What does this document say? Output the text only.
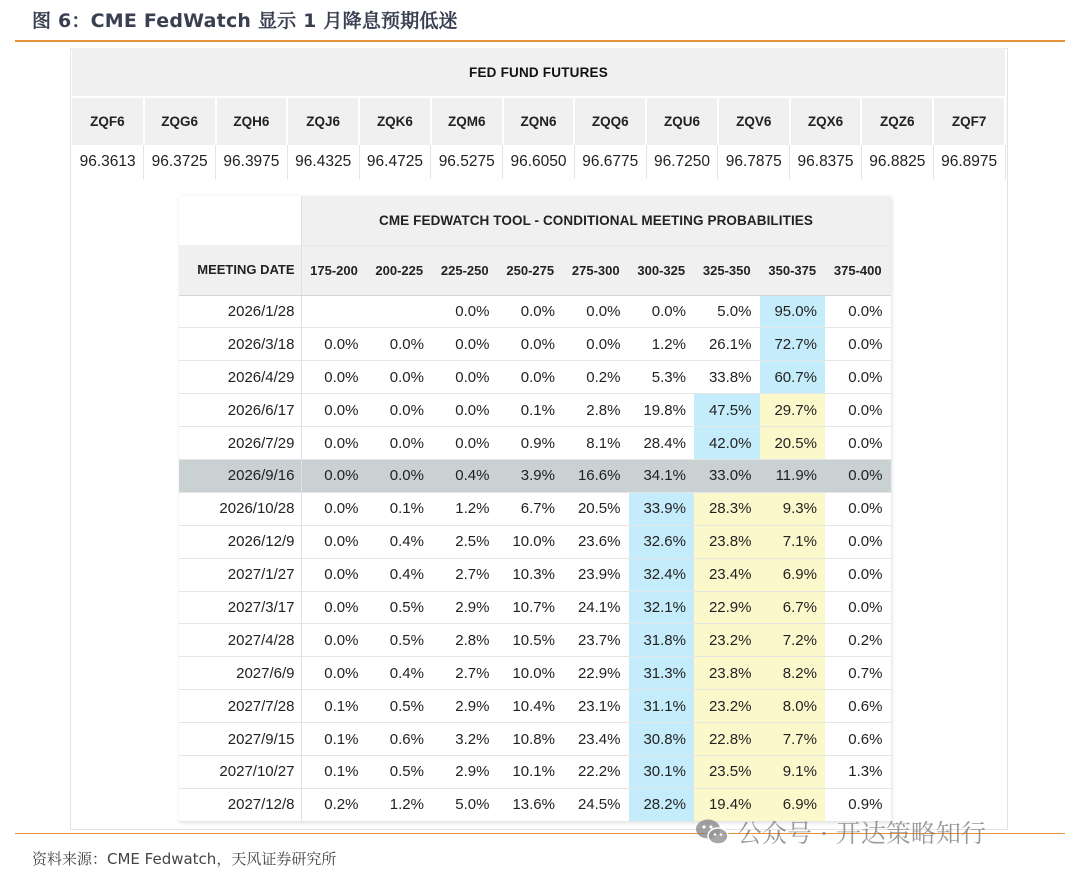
图 6：CME FedWatch 显示 1 月降息预期低迷
FED FUND FUTURES												
ZQF6	ZQG6	ZQH6	ZQJ6	ZQK6	ZQM6	ZQN6	ZQQ6	ZQU6	ZQV6	ZQX6	ZQZ6	ZQF7
96.3613	96.3725	96.3975	96.4325	96.4725	96.5275	96.6050	96.6775	96.7250	96.7875	96.8375	96.8825	96.8975
	CME FEDWATCH TOOL - CONDITIONAL MEETING PROBABILITIES								
MEETING DATE	175-200	200-225	225-250	250-275	275-300	300-325	325-350	350-375	375-400
2026/1/28			0.0%	0.0%	0.0%	0.0%	5.0%	95.0%	0.0%
2026/3/18	0.0%	0.0%	0.0%	0.0%	0.0%	1.2%	26.1%	72.7%	0.0%
2026/4/29	0.0%	0.0%	0.0%	0.0%	0.2%	5.3%	33.8%	60.7%	0.0%
2026/6/17	0.0%	0.0%	0.0%	0.1%	2.8%	19.8%	47.5%	29.7%	0.0%
2026/7/29	0.0%	0.0%	0.0%	0.9%	8.1%	28.4%	42.0%	20.5%	0.0%
2026/9/16	0.0%	0.0%	0.4%	3.9%	16.6%	34.1%	33.0%	11.9%	0.0%
2026/10/28	0.0%	0.1%	1.2%	6.7%	20.5%	33.9%	28.3%	9.3%	0.0%
2026/12/9	0.0%	0.4%	2.5%	10.0%	23.6%	32.6%	23.8%	7.1%	0.0%
2027/1/27	0.0%	0.4%	2.7%	10.3%	23.9%	32.4%	23.4%	6.9%	0.0%
2027/3/17	0.0%	0.5%	2.9%	10.7%	24.1%	32.1%	22.9%	6.7%	0.0%
2027/4/28	0.0%	0.5%	2.8%	10.5%	23.7%	31.8%	23.2%	7.2%	0.2%
2027/6/9	0.0%	0.4%	2.7%	10.0%	22.9%	31.3%	23.8%	8.2%	0.7%
2027/7/28	0.1%	0.5%	2.9%	10.4%	23.1%	31.1%	23.2%	8.0%	0.6%
2027/9/15	0.1%	0.6%	3.2%	10.8%	23.4%	30.8%	22.8%	7.7%	0.6%
2027/10/27	0.1%	0.5%	2.9%	10.1%	22.2%	30.1%	23.5%	9.1%	1.3%
2027/12/8	0.2%	1.2%	5.0%	13.6%	24.5%	28.2%	19.4%	6.9%	0.9%
公众号 · 开达策略知行
资料来源：CME Fedwatch，天风证券研究所
